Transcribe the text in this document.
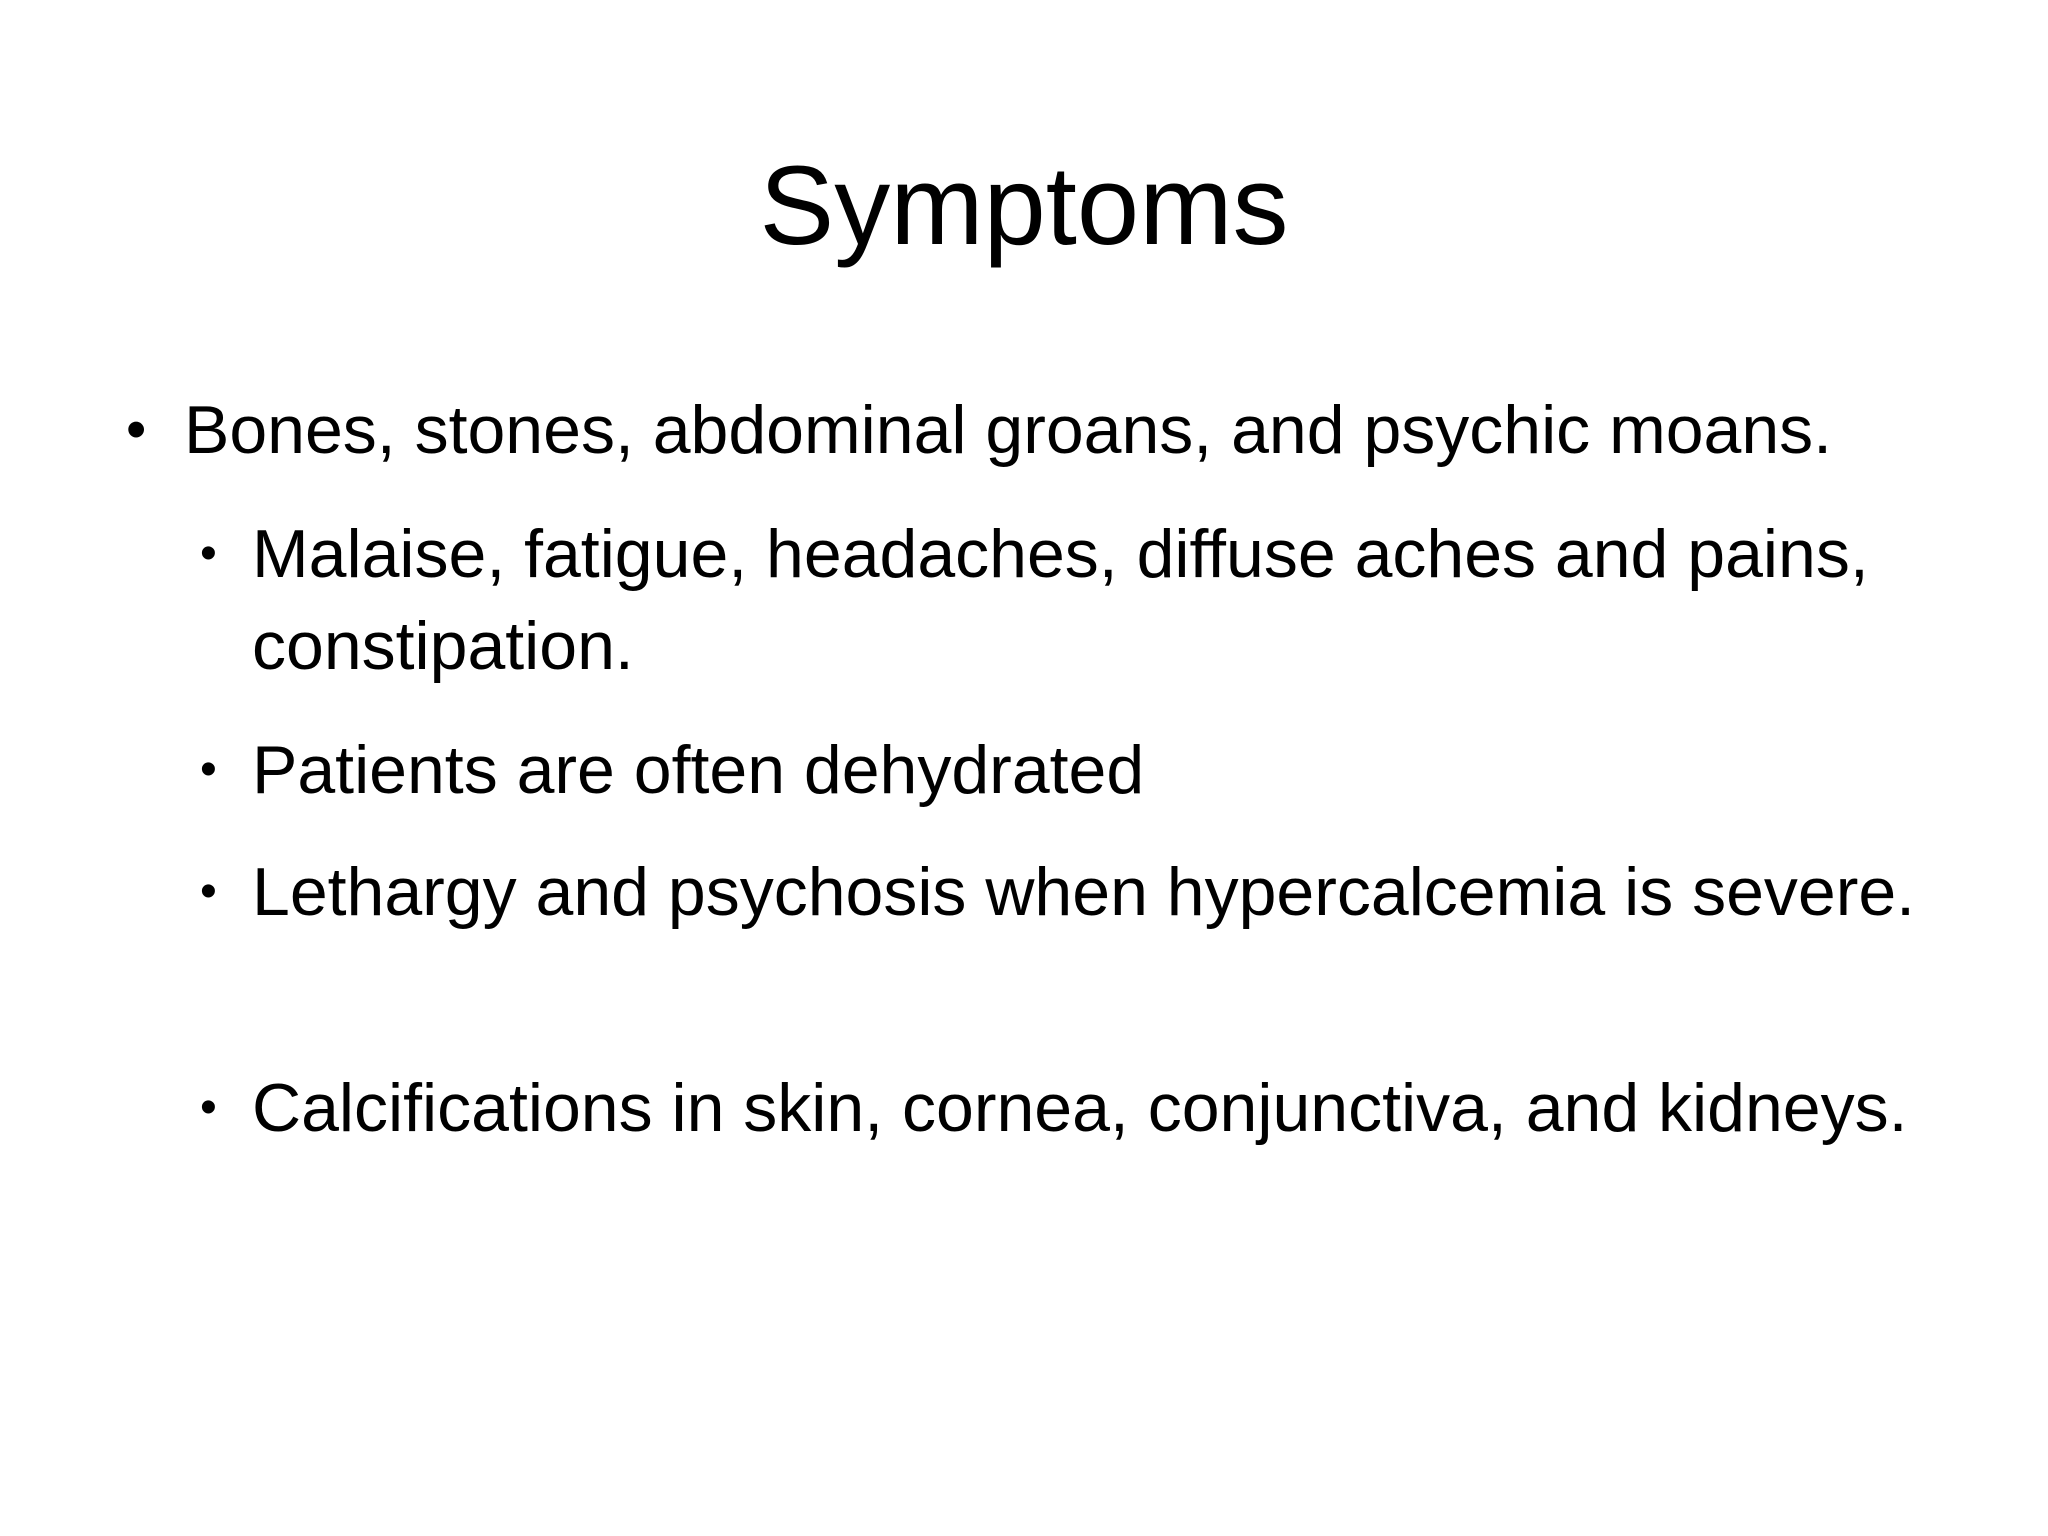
Symptoms
• Bones, stones, abdominal groans, and psychic moans.
• Malaise, fatigue, headaches, diffuse aches and pains, constipation.
• Patients are often dehydrated
• Lethargy and psychosis when hypercalcemia is severe.
• Calcifications in skin, cornea, conjunctiva, and kidneys.
